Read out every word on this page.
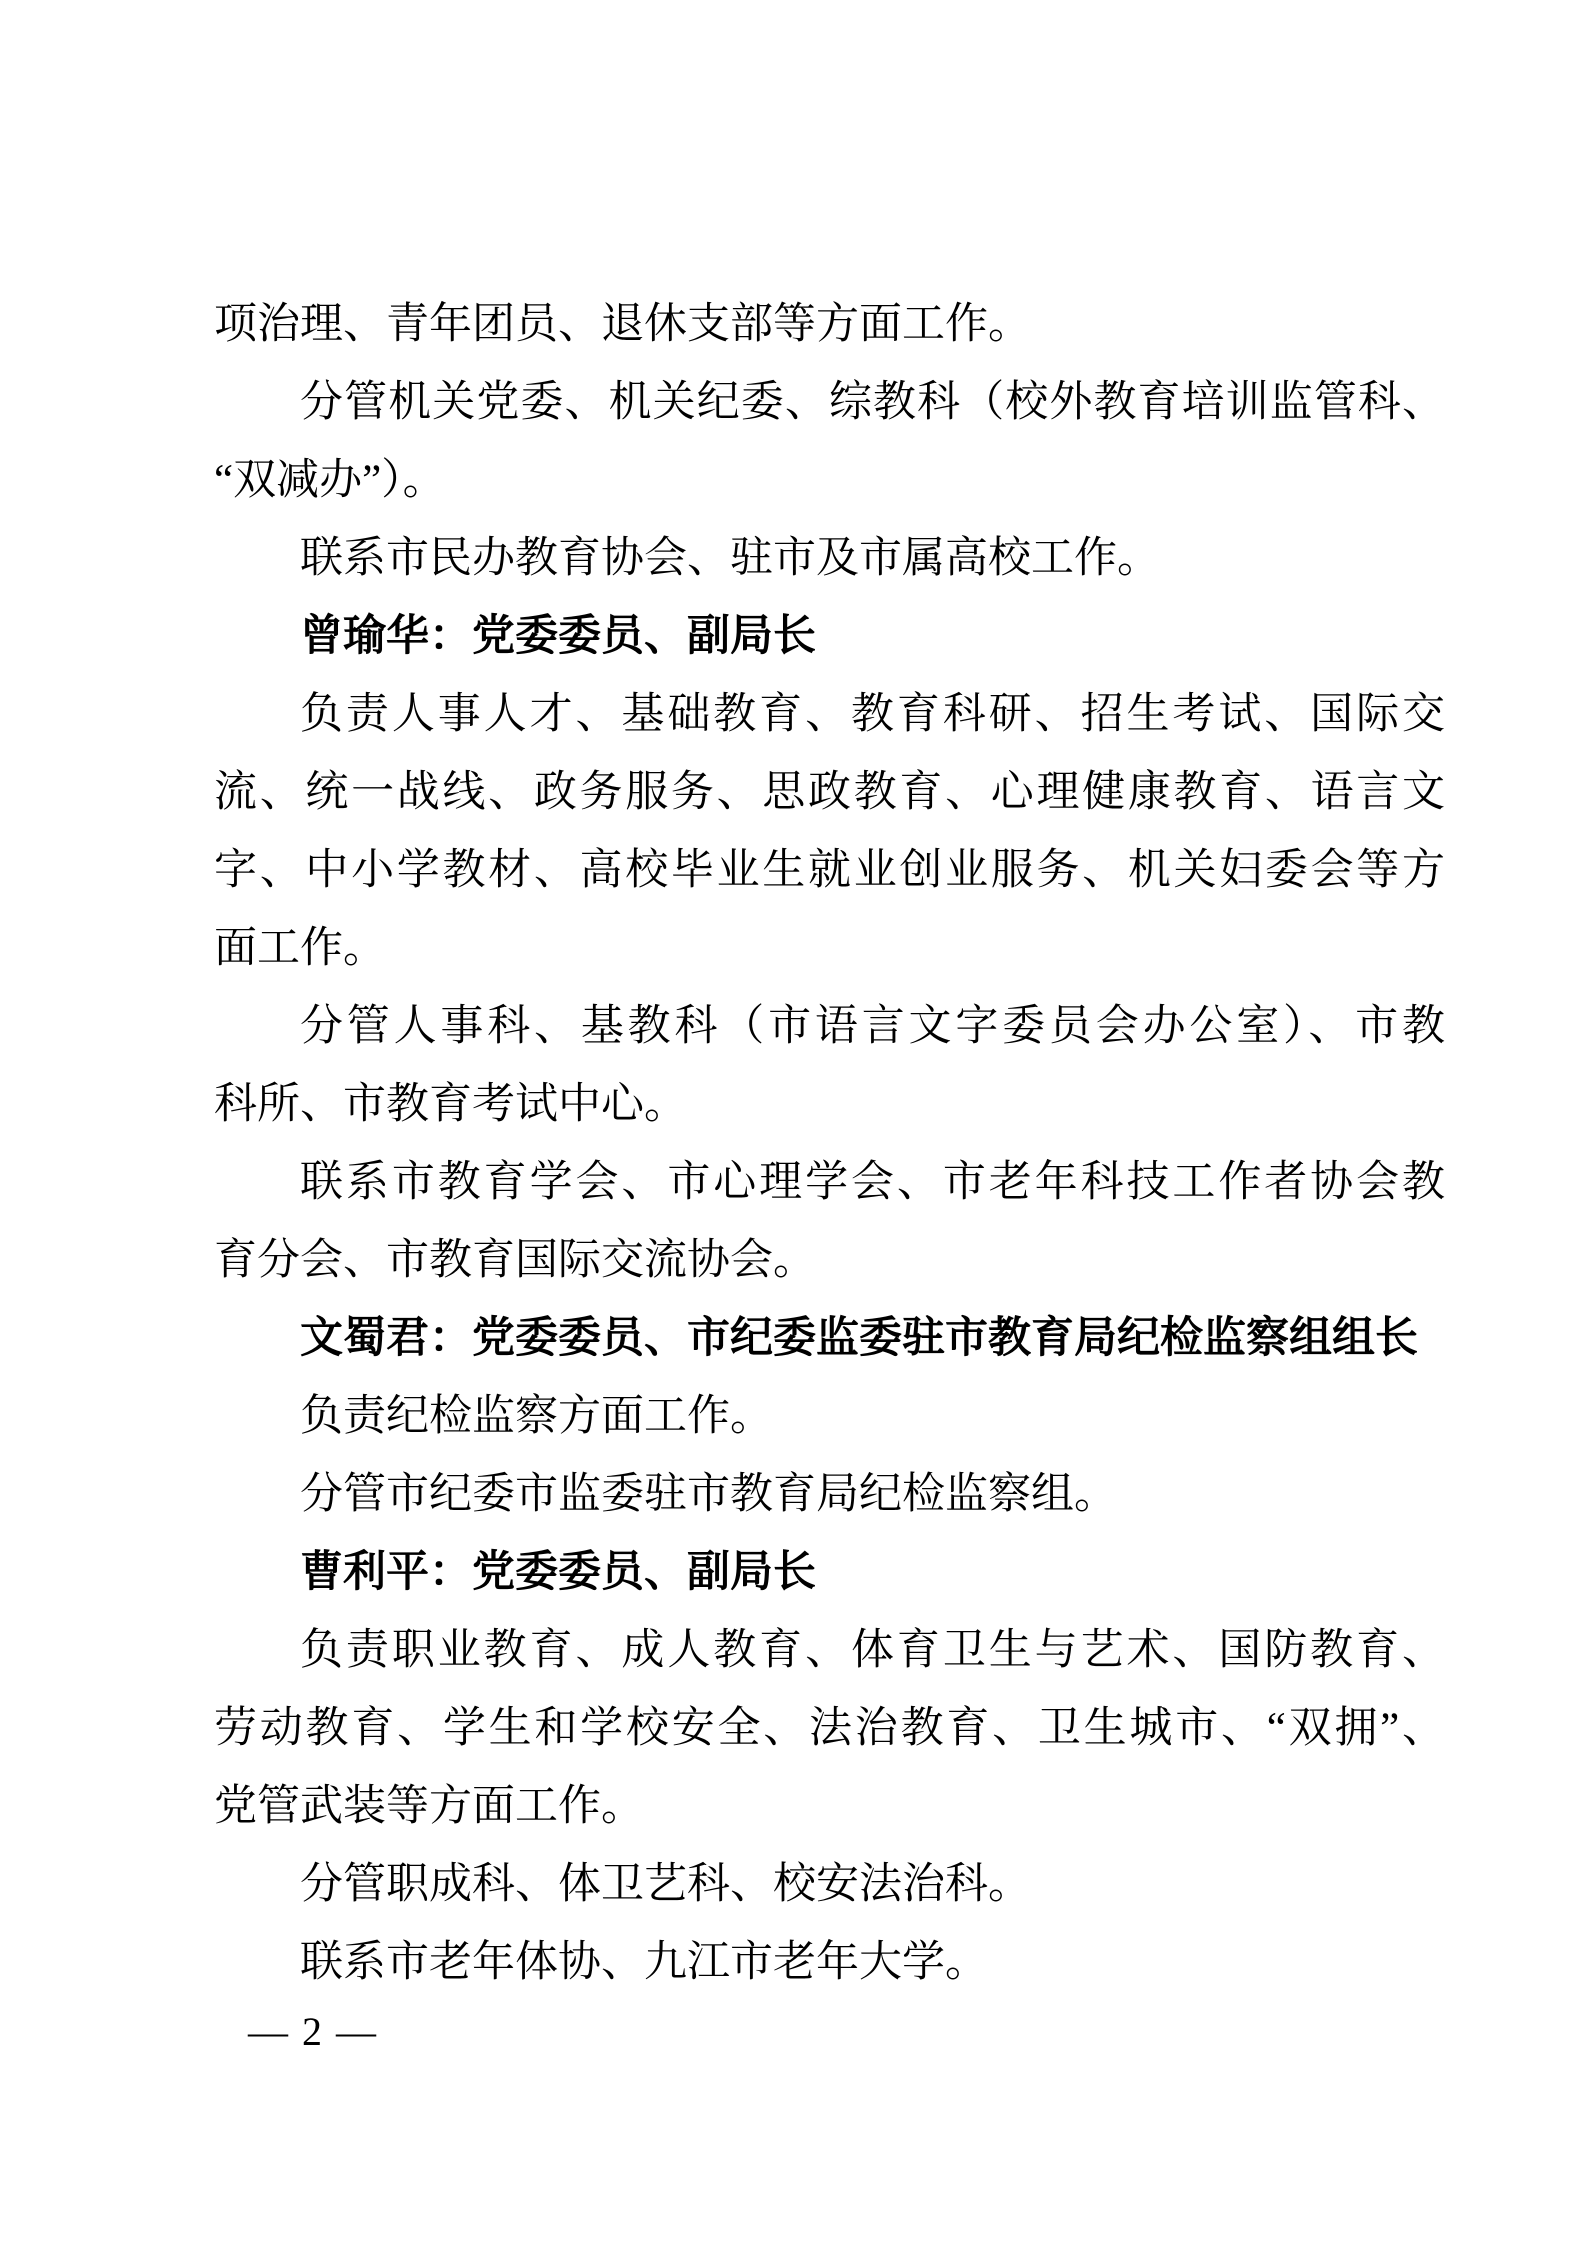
项治理、青年团员、退休支部等方面工作。

分管机关党委、机关纪委、综教科（校外教育培训监管科、

“双减办”）。

联系市民办教育协会、驻市及市属高校工作。

曾瑜华：党委委员、副局长

负责人事人才、基础教育、教育科研、招生考试、国际交

流、统一战线、政务服务、思政教育、心理健康教育、语言文

字、中小学教材、高校毕业生就业创业服务、机关妇委会等方

面工作。

分管人事科、基教科（市语言文字委员会办公室）、市教

科所、市教育考试中心。

联系市教育学会、市心理学会、市老年科技工作者协会教

育分会、市教育国际交流协会。

文蜀君：党委委员、市纪委监委驻市教育局纪检监察组组长

负责纪检监察方面工作。

分管市纪委市监委驻市教育局纪检监察组。

曹利平：党委委员、副局长

负责职业教育、成人教育、体育卫生与艺术、国防教育、

劳动教育、学生和学校安全、法治教育、卫生城市、“双拥”、

党管武装等方面工作。

分管职成科、体卫艺科、校安法治科。

联系市老年体协、九江市老年大学。

— 2 —
